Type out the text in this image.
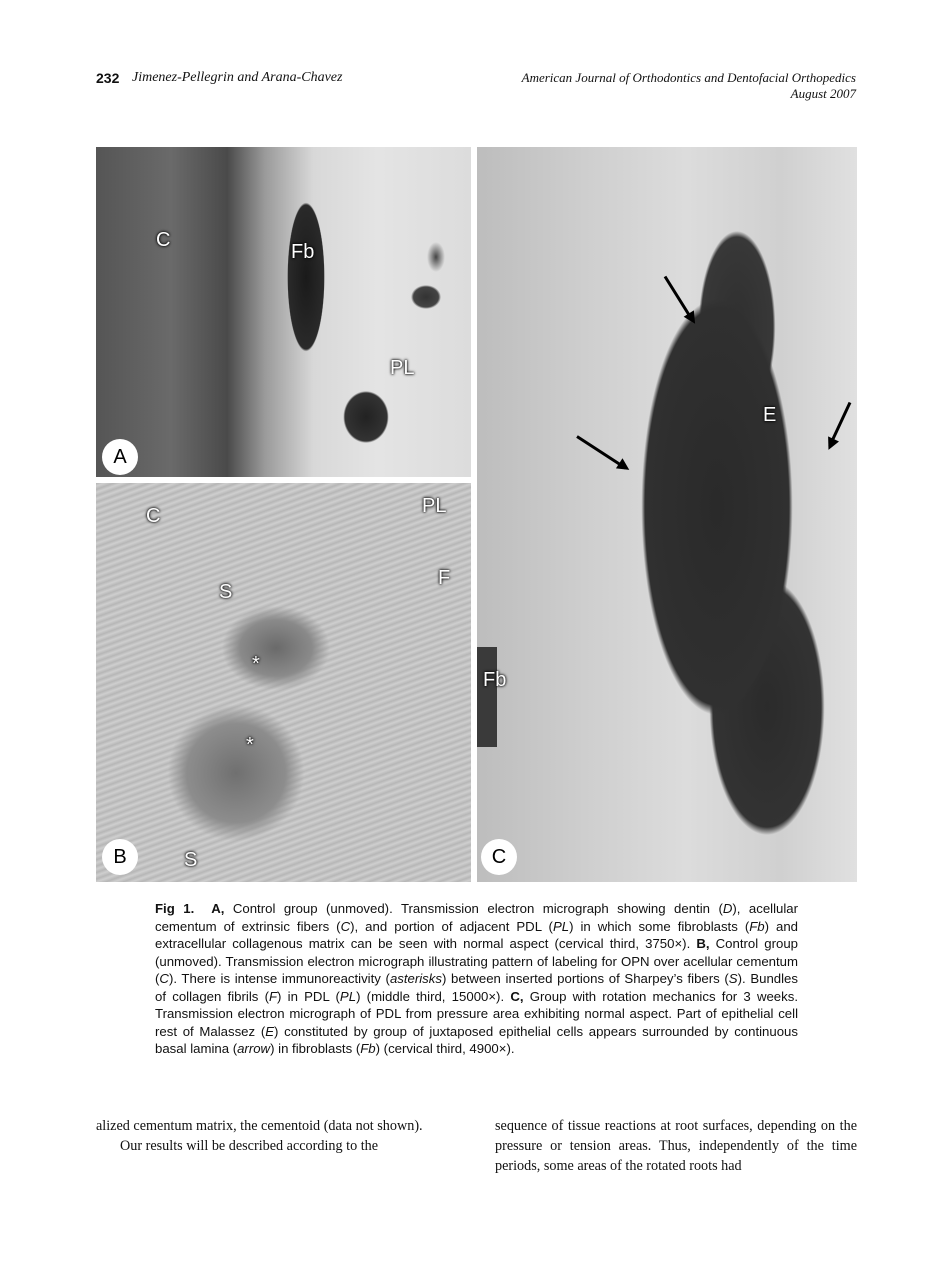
232 Jimenez-Pellegrin and Arana-Chavez	American Journal of Orthodontics and Dentofacial Orthopedics
August 2007
C
Fb
PL
A
C	PL
S
F
*
*
S
B
E
Fb
C
Fig 1. A, Control group (unmoved). Transmission electron micrograph showing dentin (D), acellular cementum of extrinsic fibers (C), and portion of adjacent PDL (PL) in which some fibroblasts (Fb) and extracellular collagenous matrix can be seen with normal aspect (cervical third, 3750×). B, Control group (unmoved). Transmission electron micrograph illustrating pattern of labeling for OPN over acellular cementum (C). There is intense immunoreactivity (asterisks) between inserted portions of Sharpey’s fibers (S). Bundles of collagen fibrils (F) in PDL (PL) (middle third, 15000×). C, Group with rotation mechanics for 3 weeks. Transmission electron micrograph of PDL from pressure area exhibiting normal aspect. Part of epithelial cell rest of Malassez (E) constituted by group of juxtaposed epithelial cells appears surrounded by continuous basal lamina (arrow) in fibroblasts (Fb) (cervical third, 4900×).

alized cementum matrix, the cementoid (data not shown).

Our results will be described according to the

sequence of tissue reactions at root surfaces, depending on the pressure or tension areas. Thus, independently of the time periods, some areas of the rotated roots had
